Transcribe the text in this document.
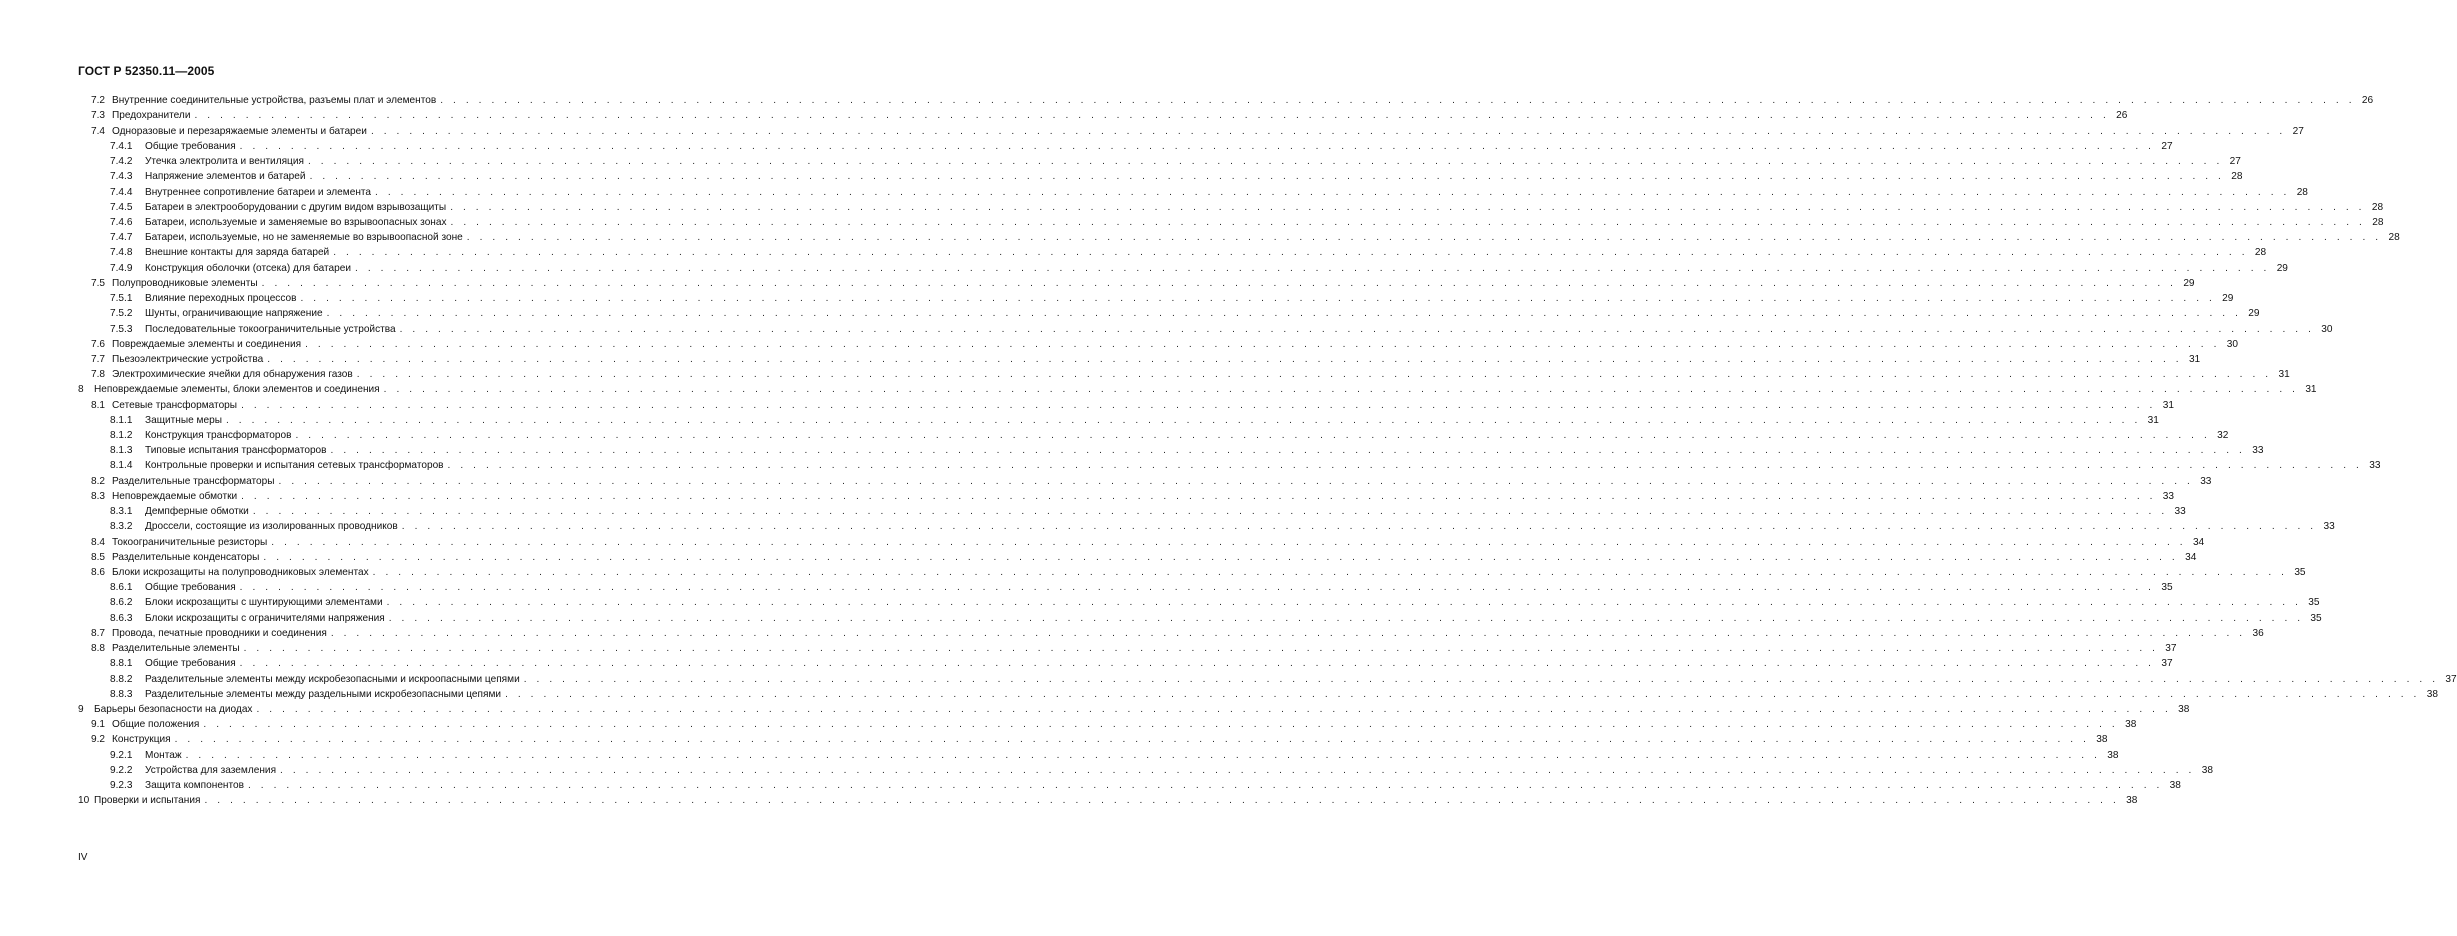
ГОСТ Р 52350.11—2005
7.2 Внутренние соединительные устройства, разъемы плат и элементов . . .	26
7.3 Предохранители . . .	26
7.4 Одноразовые и перезаряжаемые элементы и батареи . . .	27
7.4.1	Общие требования . . .	27
7.4.2	Утечка электролита и вентиляция . . .	27
7.4.3	Напряжение элементов и батарей . . .	28
7.4.4	Внутреннее сопротивление батареи и элемента . . .	28
7.4.5	Батареи в электрооборудовании с другим видом взрывозащиты . . .	28
7.4.6	Батареи, используемые и заменяемые во взрывоопасных зонах . . .	28
7.4.7	Батареи, используемые, но не заменяемые во взрывоопасной зоне . . .	28
7.4.8	Внешние контакты для заряда батарей . . .	28
7.4.9	Конструкция оболочки (отсека) для батареи . . .	29
7.5 Полупроводниковые элементы . . .	29
7.5.1	Влияние переходных процессов . . .	29
7.5.2	Шунты, ограничивающие напряжение . . .	29
7.5.3	Последовательные токоограничительные устройства . . .	30
7.6 Повреждаемые элементы и соединения . . .	30
7.7 Пьезоэлектрические устройства . . .	31
7.8 Электрохимические ячейки для обнаружения газов . . .	31
8	Неповреждаемые элементы, блоки элементов и соединения . . .	31
8.1 Сетевые трансформаторы . . .	31
8.1.1	Защитные меры . . .	31
8.1.2	Конструкция трансформаторов . . .	32
8.1.3	Типовые испытания трансформаторов . . .	33
8.1.4	Контрольные проверки и испытания сетевых трансформаторов . . .	33
8.2 Разделительные трансформаторы . . .	33
8.3 Неповреждаемые обмотки . . .	33
8.3.1	Демпферные обмотки . . .	33
8.3.2	Дроссели, состоящие из изолированных проводников . . .	33
8.4 Токоограничительные резисторы . . .	34
8.5 Разделительные конденсаторы . . .	34
8.6 Блоки искрозащиты на полупроводниковых элементах . . .	35
8.6.1	Общие требования . . .	35
8.6.2	Блоки искрозащиты с шунтирующими элементами . . .	35
8.6.3	Блоки искрозащиты с ограничителями напряжения . . .	35
8.7 Провода, печатные проводники и соединения . . .	36
8.8 Разделительные элементы . . .	37
8.8.1	Общие требования . . .	37
8.8.2	Разделительные элементы между искробезопасными и искроопасными цепями . . .	37
8.8.3	Разделительные элементы между раздельными искробезопасными цепями . . .	38
9	Барьеры безопасности на диодах . . .	38
9.1 Общие положения . . .	38
9.2 Конструкция . . .	38
9.2.1	Монтаж . . .	38
9.2.2	Устройства для заземления . . .	38
9.2.3	Защита компонентов . . .	38
10 Проверки и испытания . . .	38
IV
